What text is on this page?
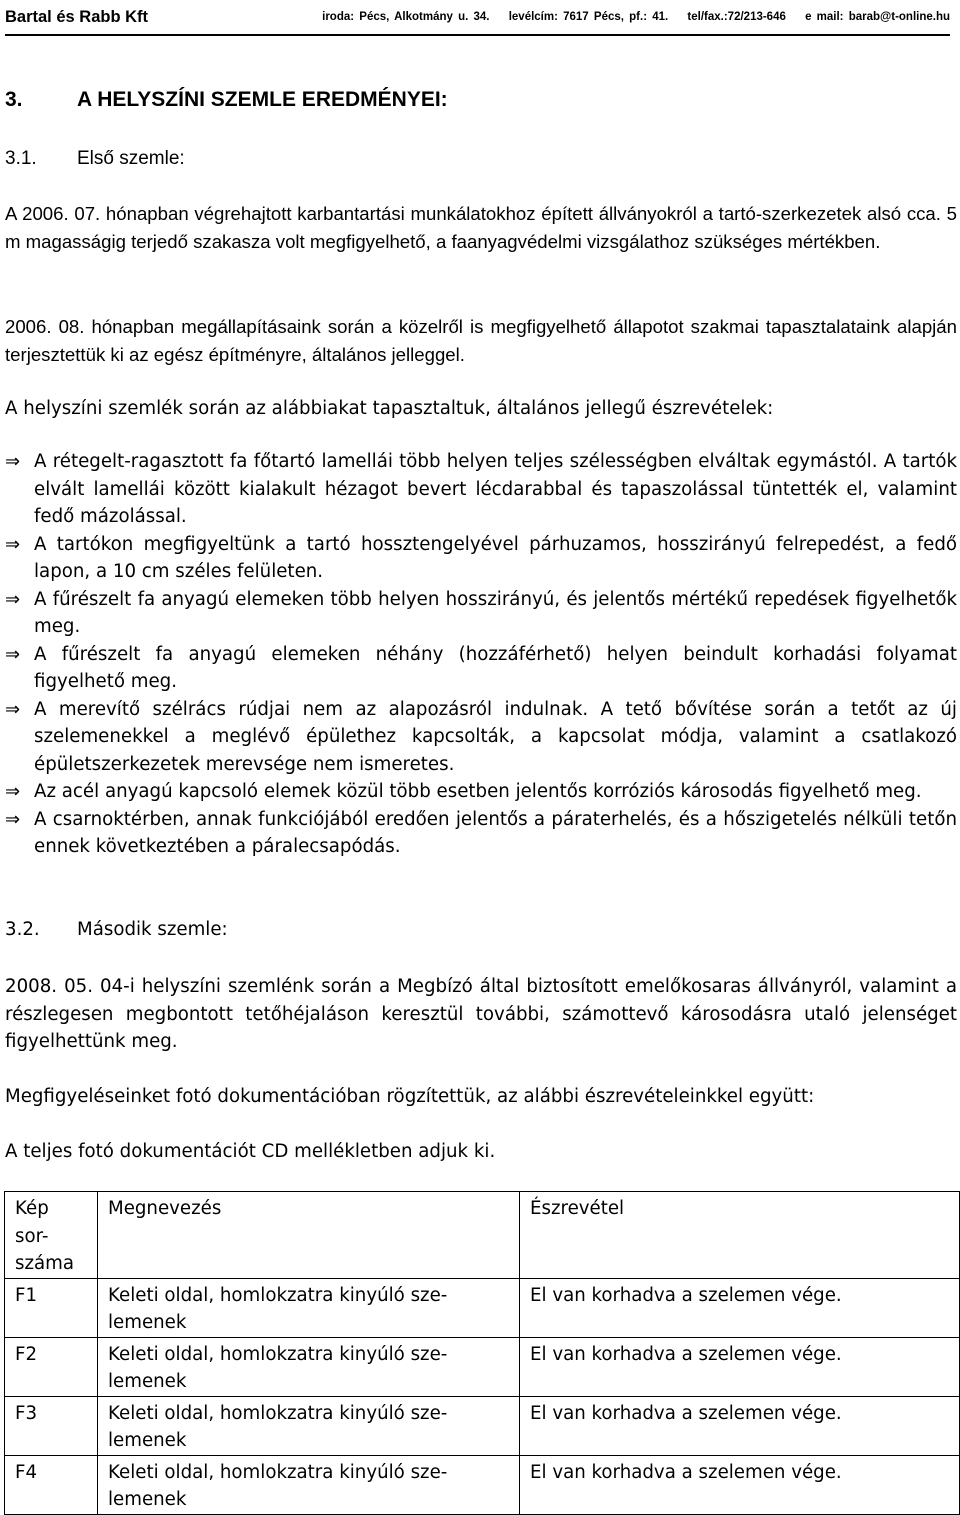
Bartal és Rabb Kft	iroda: Pécs, Alkotmány u. 34. levélcím: 7617 Pécs, pf.: 41. tel/fax.:72/213-646 e mail: barab@t-online.hu
3.	A HELYSZÍNI SZEMLE EREDMÉNYEI:
3.1. Első szemle:

A 2006. 07. hónapban végrehajtott karbantartási munkálatokhoz épített állványokról a tartó-szerkezetek alsó cca. 5 m magasságig terjedő szakasza volt megfigyelhető, a faanyagvédelmi vizsgálathoz szükséges mértékben.

2006. 08. hónapban megállapításaink során a közelről is megfigyelhető állapotot szakmai tapasztalataink alapján terjesztettük ki az egész építményre, általános jelleggel.

A helyszíni szemlék során az alábbiakat tapasztaltuk, általános jellegű észrevételek:

⇒ A rétegelt-ragasztott fa főtartó lamellái több helyen teljes szélességben elváltak egymástól. A tartók elvált lamellái között kialakult hézagot bevert lécdarabbal és tapaszolással tüntették el, valamint fedő mázolással.
⇒ A tartókon megfigyeltünk a tartó hossztengelyével párhuzamos, hosszirányú felrepedést, a fedő lapon, a 10 cm széles felületen.
⇒ A fűrészelt fa anyagú elemeken több helyen hosszirányú, és jelentős mértékű repedések figyelhetők meg.
⇒ A fűrészelt fa anyagú elemeken néhány (hozzáférhető) helyen beindult korhadási folyamat figyelhető meg.
⇒ A merevítő szélrács rúdjai nem az alapozásról indulnak. A tető bővítése során a tetőt az új szelemenekkel a meglévő épülethez kapcsolták, a kapcsolat módja, valamint a csatlakozó épületszerkezetek merevsége nem ismeretes.
⇒ Az acél anyagú kapcsoló elemek közül több esetben jelentős korróziós károsodás figyelhető meg.
⇒ A csarnoktérben, annak funkciójából eredően jelentős a páraterhelés, és a hőszigetelés nélküli tetőn ennek következtében a páralecsapódás.
3.2. Második szemle:

2008. 05. 04-i helyszíni szemlénk során a Megbízó által biztosított emelőkosaras állványról, valamint a részlegesen megbontott tetőhéjaláson keresztül további, számottevő károsodásra utaló jelenséget figyelhettünk meg.

Megfigyeléseinket fotó dokumentációban rögzítettük, az alábbi észrevételeinkkel együtt:

A teljes fotó dokumentációt CD mellékletben adjuk ki.

Kép sor-száma	Megnevezés	Észrevétel
F1	Keleti oldal, homlokzatra kinyúló sze-lemenek	El van korhadva a szelemen vége.
F2	Keleti oldal, homlokzatra kinyúló sze-lemenek	El van korhadva a szelemen vége.
F3	Keleti oldal, homlokzatra kinyúló sze-lemenek	El van korhadva a szelemen vége.
F4	Keleti oldal, homlokzatra kinyúló sze-lemenek	El van korhadva a szelemen vége.
